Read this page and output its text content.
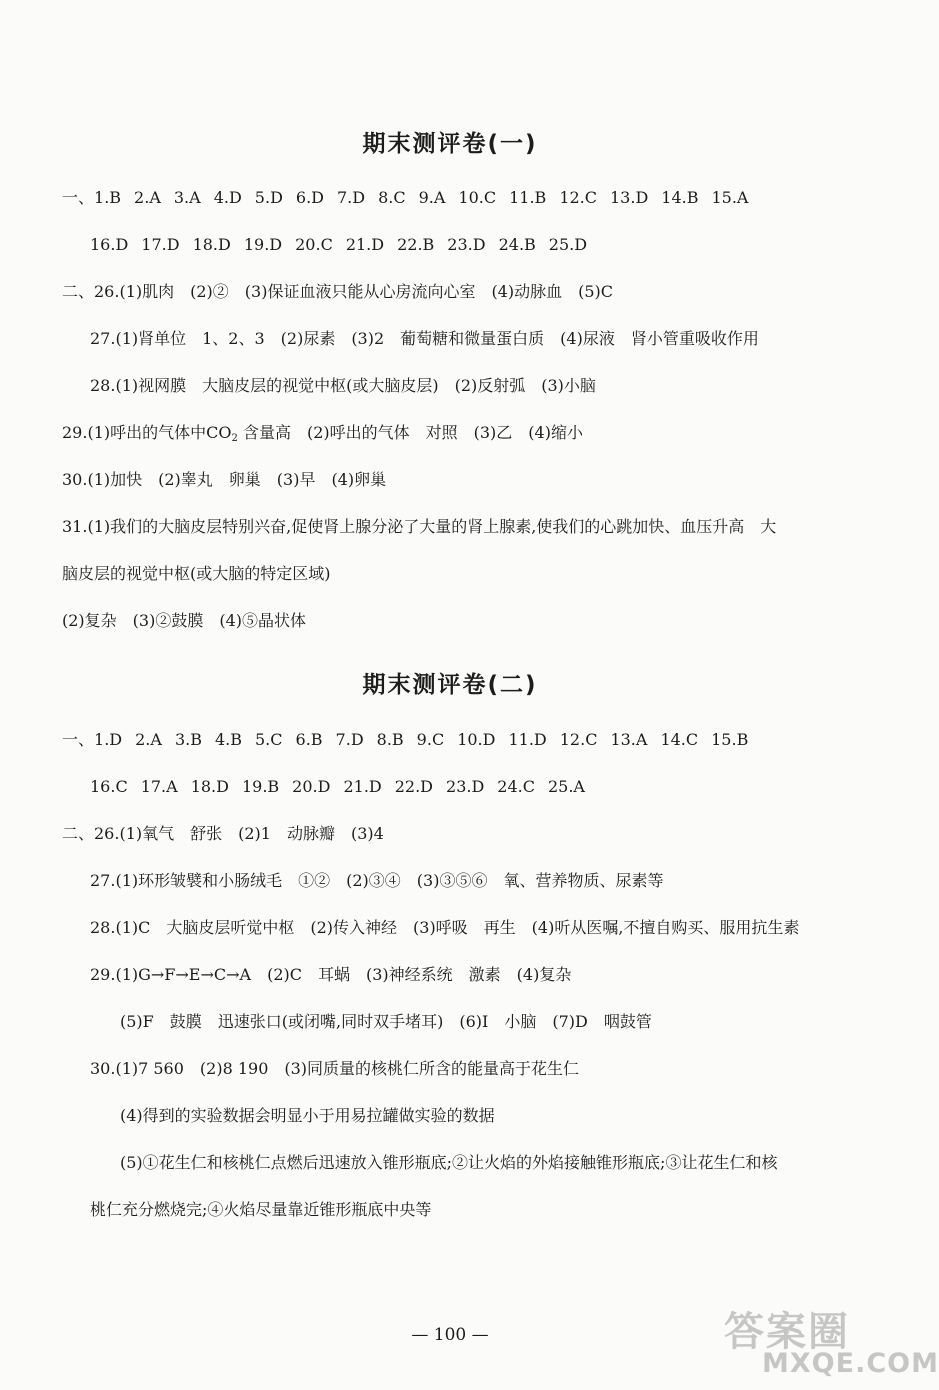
期末测评卷(一)
一、1.B 2.A 3.A 4.D 5.D 6.D 7.D 8.C 9.A 10.C 11.B 12.C 13.D 14.B 15.A
16.D 17.D 18.D 19.D 20.C 21.D 22.B 23.D 24.B 25.D
二、26.(1)肌肉　(2)②　(3)保证血液只能从心房流向心室　(4)动脉血　(5)C
27.(1)肾单位　1、2、3　(2)尿素　(3)2　葡萄糖和微量蛋白质　(4)尿液　肾小管重吸收作用
28.(1)视网膜　大脑皮层的视觉中枢(或大脑皮层)　(2)反射弧　(3)小脑
29.(1)呼出的气体中$CO_2$ 含量高　(2)呼出的气体　对照　(3)乙　(4)缩小
30.(1)加快　(2)睾丸　卵巢　(3)早　(4)卵巢
31.(1)我们的大脑皮层特别兴奋,促使肾上腺分泌了大量的肾上腺素,使我们的心跳加快、血压升高　大
脑皮层的视觉中枢(或大脑的特定区域)
(2)复杂　(3)②鼓膜　(4)⑤晶状体
期末测评卷(二)
一、1.D 2.A 3.B 4.B 5.C 6.B 7.D 8.B 9.C 10.D 11.D 12.C 13.A 14.C 15.B
16.C 17.A 18.D 19.B 20.D 21.D 22.D 23.D 24.C 25.A
二、26.(1)氧气　舒张　(2)1　动脉瓣　(3)4
27.(1)环形皱襞和小肠绒毛　①②　(2)③④　(3)③⑤⑥　氧、营养物质、尿素等
28.(1)C　大脑皮层听觉中枢　(2)传入神经　(3)呼吸　再生　(4)听从医嘱,不擅自购买、服用抗生素
29.(1)G→F→E→C→A　(2)C　耳蜗　(3)神经系统　激素　(4)复杂
(5)F　鼓膜　迅速张口(或闭嘴,同时双手堵耳)　(6)I　小脑　(7)D　咽鼓管
30.(1)7 560　(2)8 190　(3)同质量的核桃仁所含的能量高于花生仁
(4)得到的实验数据会明显小于用易拉罐做实验的数据
(5)①花生仁和核桃仁点燃后迅速放入锥形瓶底;②让火焰的外焰接触锥形瓶底;③让花生仁和核
桃仁充分燃烧完;④火焰尽量靠近锥形瓶底中央等
— 100 —	答案圈
MXQE.COM
